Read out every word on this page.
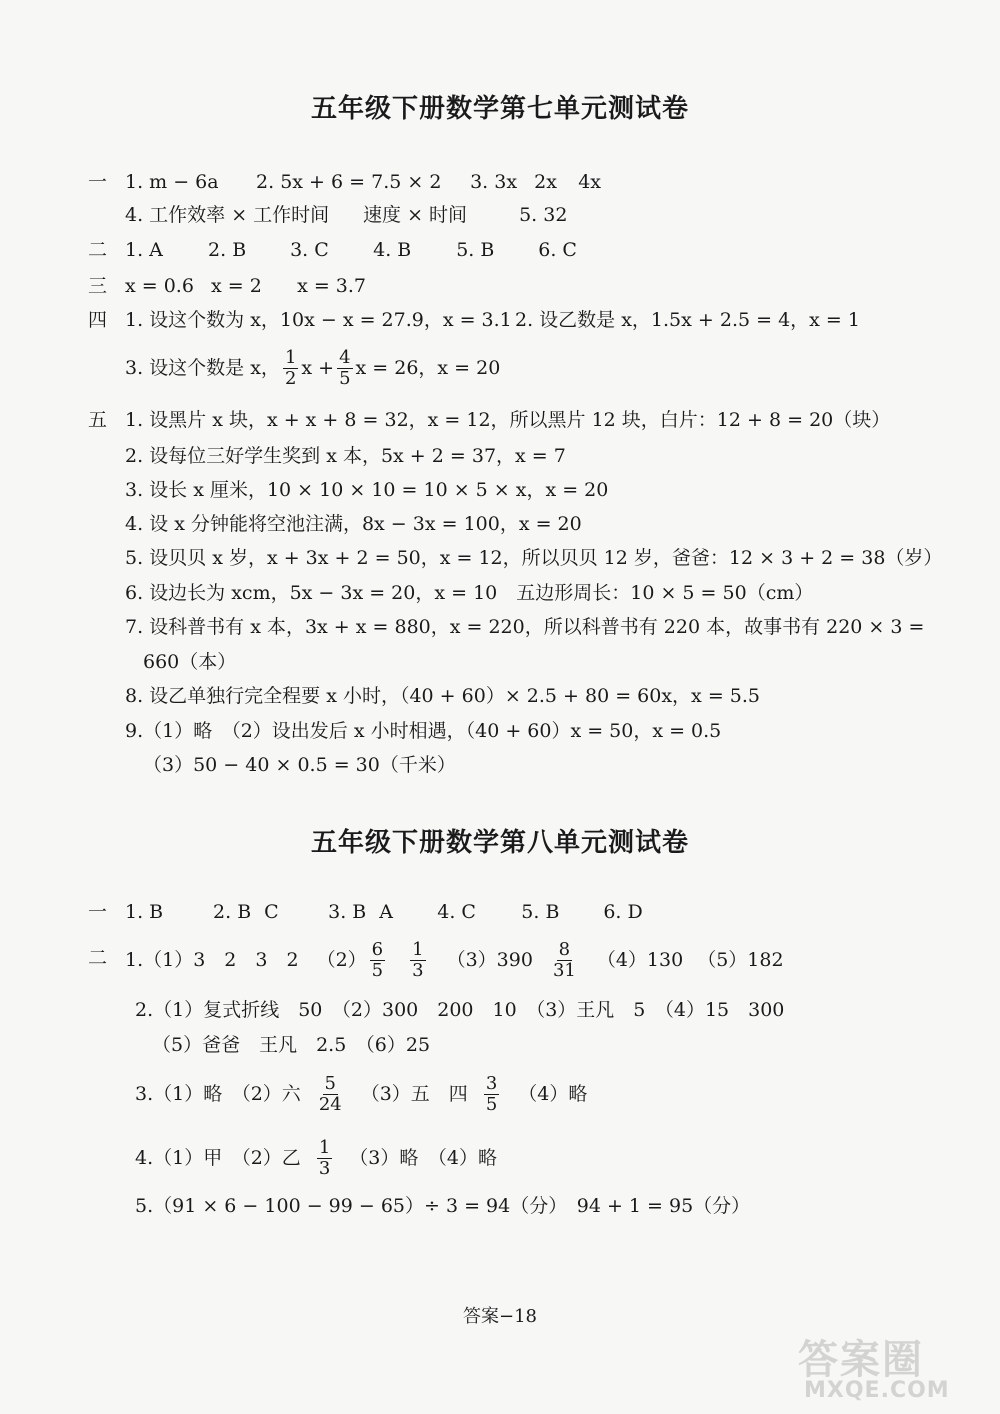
五年级下册数学第七单元测试卷
一 1. m − 6a 2. 5x + 6 = 7.5 × 2 3. 3x 2x 4x
4. 工作效率 × 工作时间 速度 × 时间	5. 32
二 1. A 2. B 3. C 4. B 5. B 6. C
三 x = 0.6 x = 2 x = 3.7
四 1. 设这个数为 x，10x − x = 27.9，x = 3.1 2. 设乙数是 x，1.5x + 2.5 = 4，x = 1
3. 设这个数是 x， $\frac{1}{2}$ $x + \frac{4}{5}$ x = 26，x = 20
五 1. 设黑片 x 块，x + x + 8 = 32，x = 12，所以黑片 12 块，白片：12 + 8 = 20（块）
2. 设每位三好学生奖到 x 本，5x + 2 = 37，x = 7
3. 设长 x 厘米，10 × 10 × 10 = 10 × 5 × x，x = 20
4. 设 x 分钟能将空池注满，8x − 3x = 100，x = 20
5. 设贝贝 x 岁，x + 3x + 2 = 50，x = 12，所以贝贝 12 岁，爸爸：12 × 3 + 2 = 38（岁）
6. 设边长为 xcm，5x − 3x = 20，x = 10　五边形周长：10 × 5 = 50（cm）
7. 设科普书有 x 本，3x + x = 880，x = 220，所以科普书有 220 本，故事书有 220 × 3 =
660（本）
8. 设乙单独行完全程要 x 小时，（40 + 60）× 2.5 + 80 = 60x，x = 5.5
9.（1）略　（2）设出发后 x 小时相遇，（40 + 60）x = 50，x = 0.5
（3）50 − 40 × 0.5 = 30（千米）
五年级下册数学第八单元测试卷
一 1. B	2. B C	3. B A 4. C 5. B 6. D
二 1.（1）3　2　3　2 $(2) \frac{6}{5} \frac{1}{3} (3)390 \frac{8}{31} (4)130$ （5）182
2.（1）复式折线　50　（2）300　200　10　（3）王凡　5　（4）15　300
（5）爸爸　王凡　2.5　（6）25
3.（1）略　（2）六 $\frac{5}{24} (3)$五　四 $\frac{3}{5} (4)$略
4.（1）甲　（2）乙 $\frac{1}{3} (3)$略　（4）略
5.（91 × 6 − 100 − 99 − 65）÷ 3 = 94（分）　94 + 1 = 95（分）
答案−18
答案圈
MXQE.COM
